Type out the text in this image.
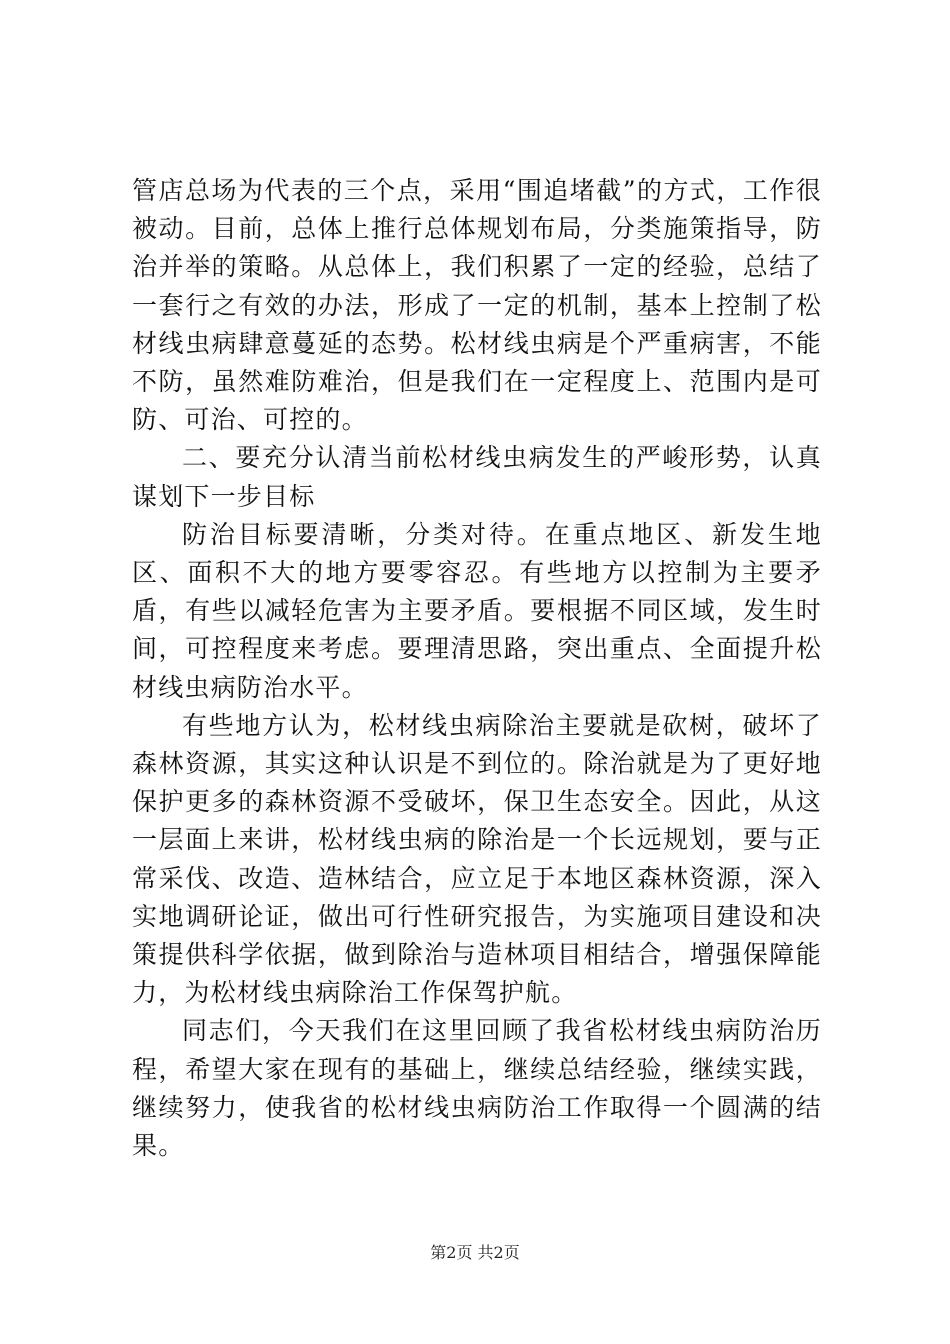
管店总场为代表的三个点，采用“围追堵截”的方式，工作很被动。目前，总体上推行总体规划布局，分类施策指导，防治并举的策略。从总体上，我们积累了一定的经验，总结了一套行之有效的办法，形成了一定的机制，基本上控制了松材线虫病肆意蔓延的态势。松材线虫病是个严重病害，不能不防，虽然难防难治，但是我们在一定程度上、范围内是可防、可治、可控的。

二、要充分认清当前松材线虫病发生的严峻形势，认真谋划下一步目标

防治目标要清晰，分类对待。在重点地区、新发生地区、面积不大的地方要零容忍。有些地方以控制为主要矛盾，有些以减轻危害为主要矛盾。要根据不同区域，发生时间，可控程度来考虑。要理清思路，突出重点、全面提升松材线虫病防治水平。

有些地方认为，松材线虫病除治主要就是砍树，破坏了森林资源，其实这种认识是不到位的。除治就是为了更好地保护更多的森林资源不受破坏，保卫生态安全。因此，从这一层面上来讲，松材线虫病的除治是一个长远规划，要与正常采伐、改造、造林结合，应立足于本地区森林资源，深入实地调研论证，做出可行性研究报告，为实施项目建设和决策提供科学依据，做到除治与造林项目相结合，增强保障能力，为松材线虫病除治工作保驾护航。

同志们，今天我们在这里回顾了我省松材线虫病防治历程，希望大家在现有的基础上，继续总结经验，继续实践，继续努力，使我省的松材线虫病防治工作取得一个圆满的结果。

第2页 共2页
